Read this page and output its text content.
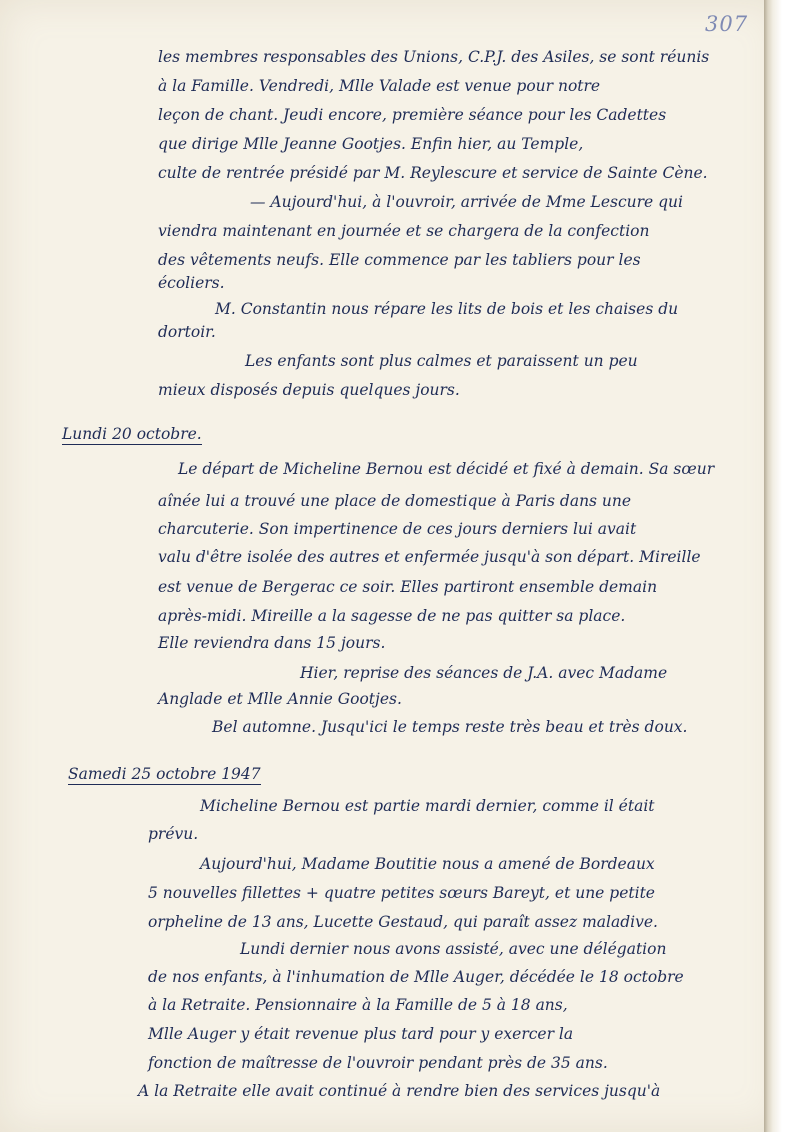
307
les membres responsables des Unions, C.P.J. des Asiles, se sont réunis
à la Famille. Vendredi, Mlle Valade est venue pour notre
leçon de chant. Jeudi encore, première séance pour les Cadettes
que dirige Mlle Jeanne Gootjes. Enfin hier, au Temple,
culte de rentrée présidé par M. Reylescure et service de Sainte Cène.
— Aujourd'hui, à l'ouvroir, arrivée de Mme Lescure qui
viendra maintenant en journée et se chargera de la confection
des vêtements neufs. Elle commence par les tabliers pour les
écoliers.
M. Constantin nous répare les lits de bois et les chaises du
dortoir.
Les enfants sont plus calmes et paraissent un peu
mieux disposés depuis quelques jours.
Lundi 20 octobre.
Le départ de Micheline Bernou est décidé et fixé à demain. Sa sœur
aînée lui a trouvé une place de domestique à Paris dans une
charcuterie. Son impertinence de ces jours derniers lui avait
valu d'être isolée des autres et enfermée jusqu'à son départ. Mireille
est venue de Bergerac ce soir. Elles partiront ensemble demain
après-midi. Mireille a la sagesse de ne pas quitter sa place.
Elle reviendra dans 15 jours.
Hier, reprise des séances de J.A. avec Madame
Anglade et Mlle Annie Gootjes.
Bel automne. Jusqu'ici le temps reste très beau et très doux.
Samedi 25 octobre 1947
Micheline Bernou est partie mardi dernier, comme il était
prévu.
Aujourd'hui, Madame Boutitie nous a amené de Bordeaux
5 nouvelles fillettes + quatre petites sœurs Bareyt, et une petite
orpheline de 13 ans, Lucette Gestaud, qui paraît assez maladive.
Lundi dernier nous avons assisté, avec une délégation
de nos enfants, à l'inhumation de Mlle Auger, décédée le 18 octobre
à la Retraite. Pensionnaire à la Famille de 5 à 18 ans,
Mlle Auger y était revenue plus tard pour y exercer la
fonction de maîtresse de l'ouvroir pendant près de 35 ans.
A la Retraite elle avait continué à rendre bien des services jusqu'à
